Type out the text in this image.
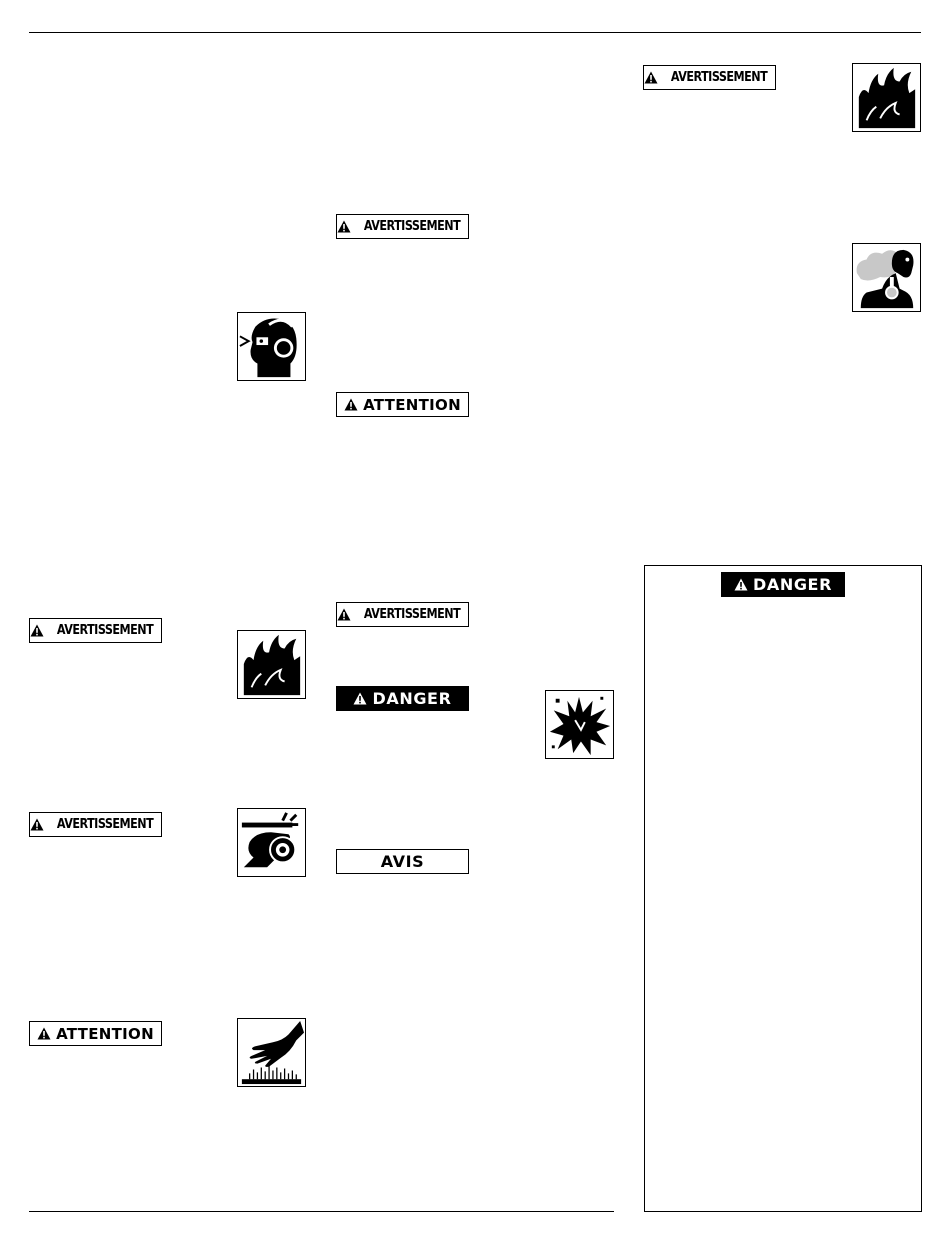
AVERTISSEMENT
AVERTISSEMENT
ATTENTION
AVERTISSEMENT
ATTENTION
AVERTISSEMENT
DANGER
AVIS
AVERTISSEMENT
DANGER
